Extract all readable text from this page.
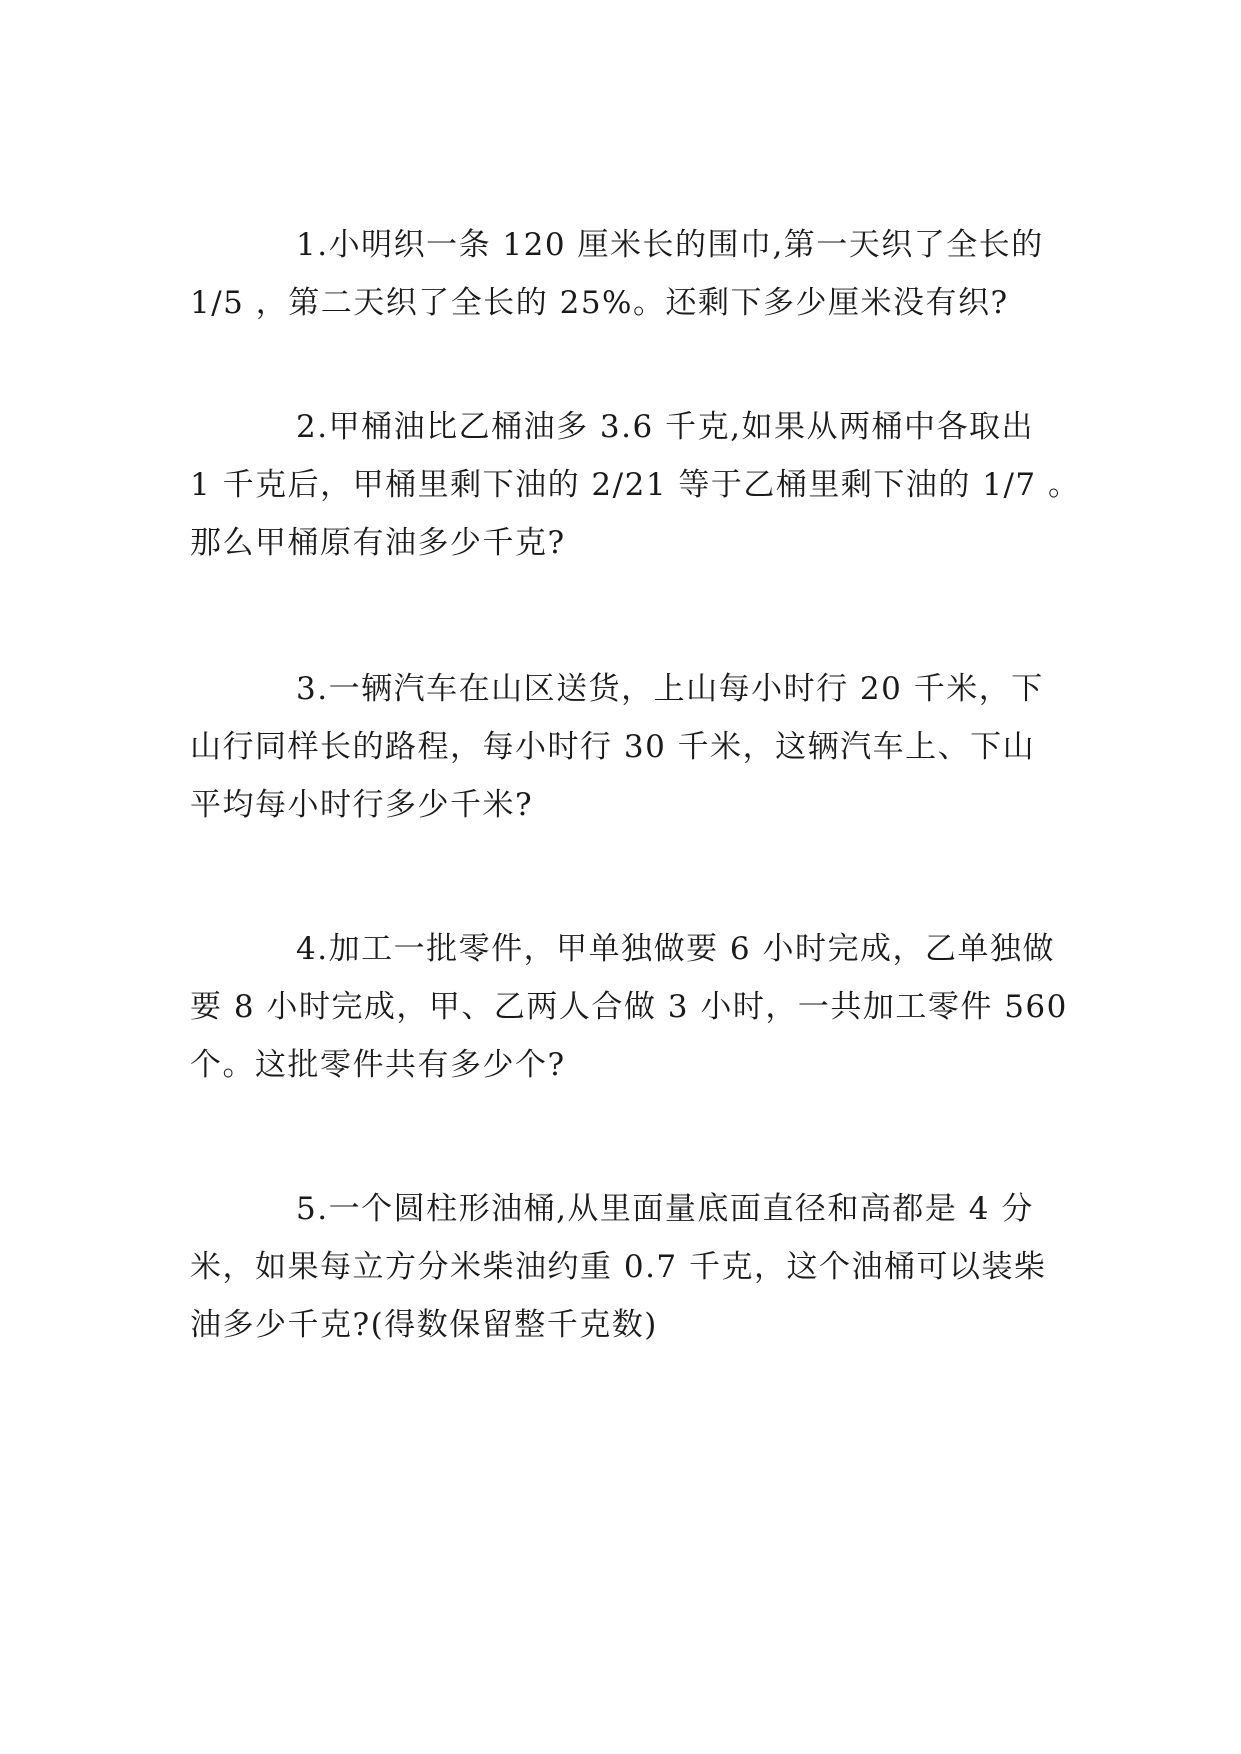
1.小明织一条 120 厘米长的围巾,第一天织了全长的
1/5 ，第二天织了全长的 25%。还剩下多少厘米没有织?
2.甲桶油比乙桶油多 3.6 千克,如果从两桶中各取出
1 千克后，甲桶里剩下油的 2/21 等于乙桶里剩下油的 1/7 。
那么甲桶原有油多少千克?
3.一辆汽车在山区送货，上山每小时行 20 千米，下
山行同样长的路程，每小时行 30 千米，这辆汽车上、下山
平均每小时行多少千米?
4.加工一批零件，甲单独做要 6 小时完成，乙单独做
要 8 小时完成，甲、乙两人合做 3 小时，一共加工零件 560
个。这批零件共有多少个?
5.一个圆柱形油桶,从里面量底面直径和高都是 4 分
米，如果每立方分米柴油约重 0.7 千克，这个油桶可以装柴
油多少千克?(得数保留整千克数)
